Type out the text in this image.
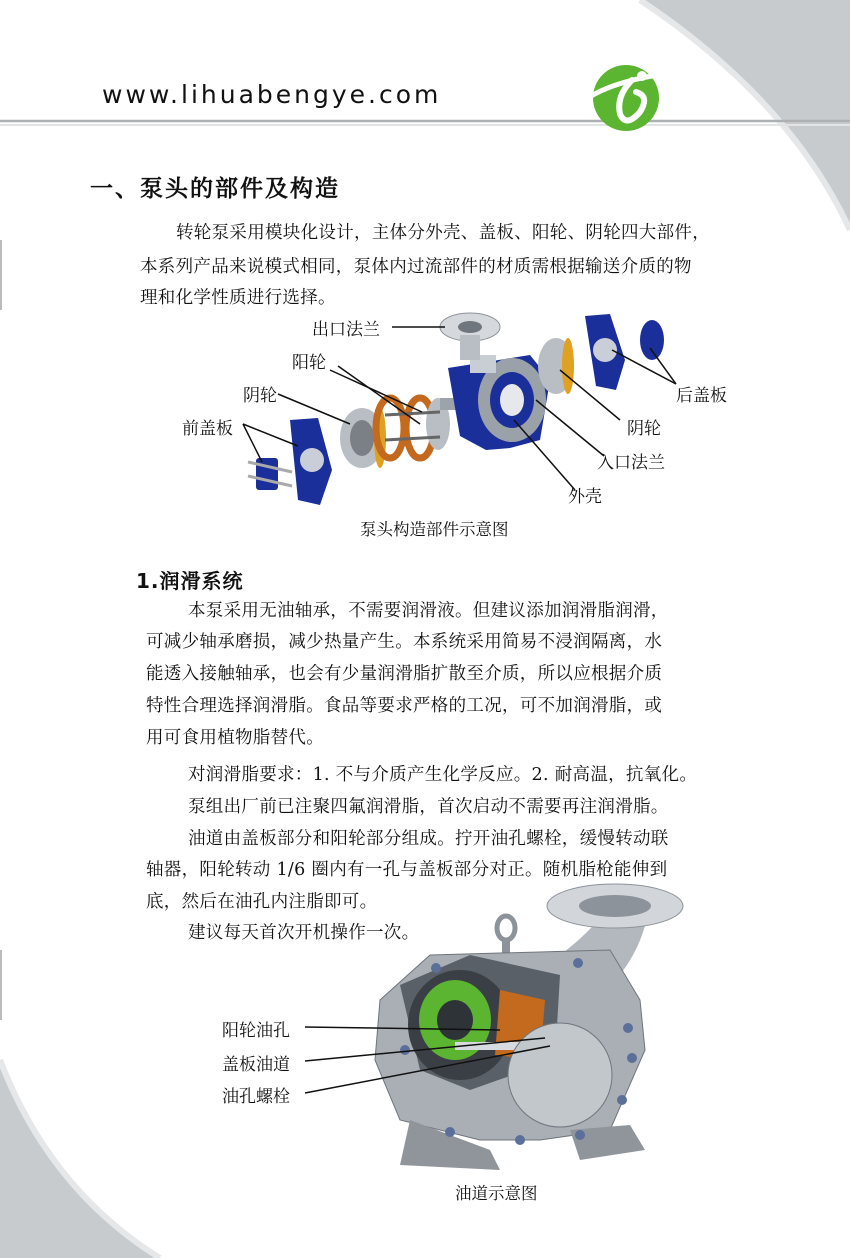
www.lihuabengye.com
一、泵头的部件及构造
转轮泵采用模块化设计，主体分外壳、盖板、阳轮、阴轮四大部件，
本系列产品来说模式相同，泵体内过流部件的材质需根据输送介质的物
理和化学性质进行选择。
出口法兰
阳轮
阴轮
前盖板
后盖板
阴轮
入口法兰
外壳
泵头构造部件示意图
1.润滑系统
本泵采用无油轴承，不需要润滑液。但建议添加润滑脂润滑，
可减少轴承磨损，减少热量产生。本系统采用简易不浸润隔离，水
能透入接触轴承，也会有少量润滑脂扩散至介质，所以应根据介质
特性合理选择润滑脂。食品等要求严格的工况，可不加润滑脂，或
用可食用植物脂替代。
对润滑脂要求：1. 不与介质产生化学反应。2. 耐高温，抗氧化。
泵组出厂前已注聚四氟润滑脂，首次启动不需要再注润滑脂。
油道由盖板部分和阳轮部分组成。拧开油孔螺栓，缓慢转动联
轴器，阳轮转动 1/6 圈内有一孔与盖板部分对正。随机脂枪能伸到
底，然后在油孔内注脂即可。
建议每天首次开机操作一次。
阳轮油孔
盖板油道
油孔螺栓
油道示意图
